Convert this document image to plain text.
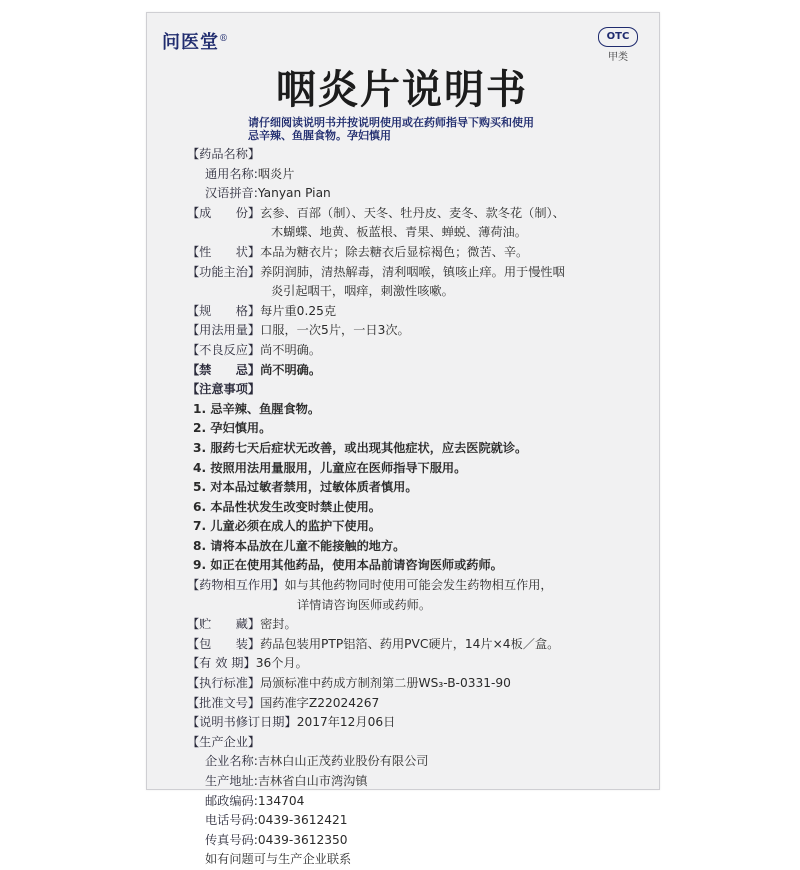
问医堂®	OTC
甲类
咽炎片说明书
请仔细阅读说明书并按说明使用或在药师指导下购买和使用
忌辛辣、鱼腥食物。孕妇慎用
【药品名称】
通用名称: 咽炎片
汉语拼音: Yanyan Pian
【成　　份】 玄参、百部（制）、天冬、牡丹皮、麦冬、款冬花（制）、
木蝴蝶、地黄、板蓝根、青果、蝉蜕、薄荷油。
【性　　状】 本品为糖衣片；除去糖衣后显棕褐色；微苦、辛。
【功能主治】 养阴润肺，清热解毒，清利咽喉，镇咳止痒。用于慢性咽
炎引起咽干，咽痒，刺激性咳嗽。
【规　　格】 每片重0.25克
【用法用量】 口服，一次5片，一日3次。
【不良反应】 尚不明确。
【禁　　忌】 尚不明确。
【注意事项】
1. 忌辛辣、鱼腥食物。
2. 孕妇慎用。
3. 服药七天后症状无改善，或出现其他症状，应去医院就诊。
4. 按照用法用量服用，儿童应在医师指导下服用。
5. 对本品过敏者禁用，过敏体质者慎用。
6. 本品性状发生改变时禁止使用。
7. 儿童必须在成人的监护下使用。
8. 请将本品放在儿童不能接触的地方。
9. 如正在使用其他药品，使用本品前请咨询医师或药师。
【药物相互作用】 如与其他药物同时使用可能会发生药物相互作用，
详情请咨询医师或药师。
【贮　　藏】 密封。
【包　　装】 药品包装用PTP铝箔、药用PVC硬片，14片×4板／盒。
【有 效 期】 36个月。
【执行标准】 局颁标准中药成方制剂第二册WS₃-B-0331-90
【批准文号】 国药准字Z22024267
【说明书修订日期】 2017年12月06日
【生产企业】
企业名称: 吉林白山正茂药业股份有限公司
生产地址: 吉林省白山市湾沟镇
邮政编码: 134704
电话号码: 0439-3612421
传真号码: 0439-3612350
如有问题可与生产企业联系
